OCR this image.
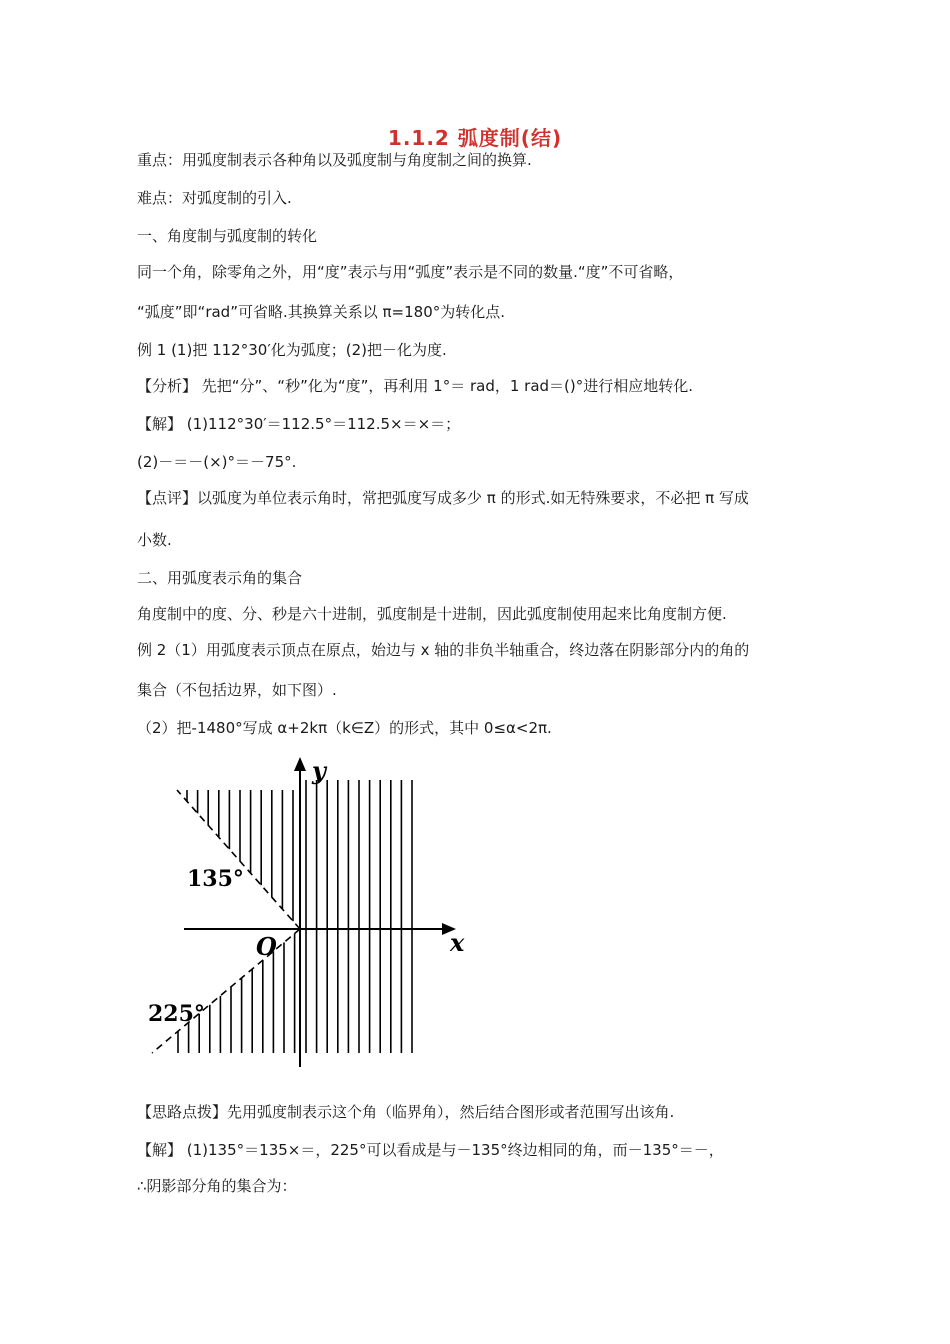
1.1.2 弧度制(结)
重点：用弧度制表示各种角以及弧度制与角度制之间的换算.
难点：对弧度制的引入.
一、角度制与弧度制的转化
同一个角，除零角之外，用“度”表示与用“弧度”表示是不同的数量.“度”不可省略，
“弧度”即“rad”可省略.其换算关系以 π=180°为转化点.
例 1 (1)把 112°30′化为弧度；(2)把－化为度.
【分析】 先把“分”、“秒”化为“度”，再利用 1°＝ rad，1 rad＝()°进行相应地转化.
【解】 (1)112°30′＝112.5°＝112.5×＝×＝；
(2)－＝－(×)°＝－75°.
【点评】以弧度为单位表示角时，常把弧度写成多少 π 的形式.如无特殊要求，不必把 π 写成
小数.
二、用弧度表示角的集合
角度制中的度、分、秒是六十进制，弧度制是十进制，因此弧度制使用起来比角度制方便.
例 2（1）用弧度表示顶点在原点，始边与 x 轴的非负半轴重合，终边落在阴影部分内的角的
集合（不包括边界，如下图）.
（2）把-1480°写成 α+2kπ（k∈Z）的形式，其中 0≤α<2π.
y
x
O
135°
225°
【思路点拨】先用弧度制表示这个角（临界角），然后结合图形或者范围写出该角.
【解】 (1)135°＝135×＝，225°可以看成是与－135°终边相同的角，而－135°＝－，
∴阴影部分角的集合为：
